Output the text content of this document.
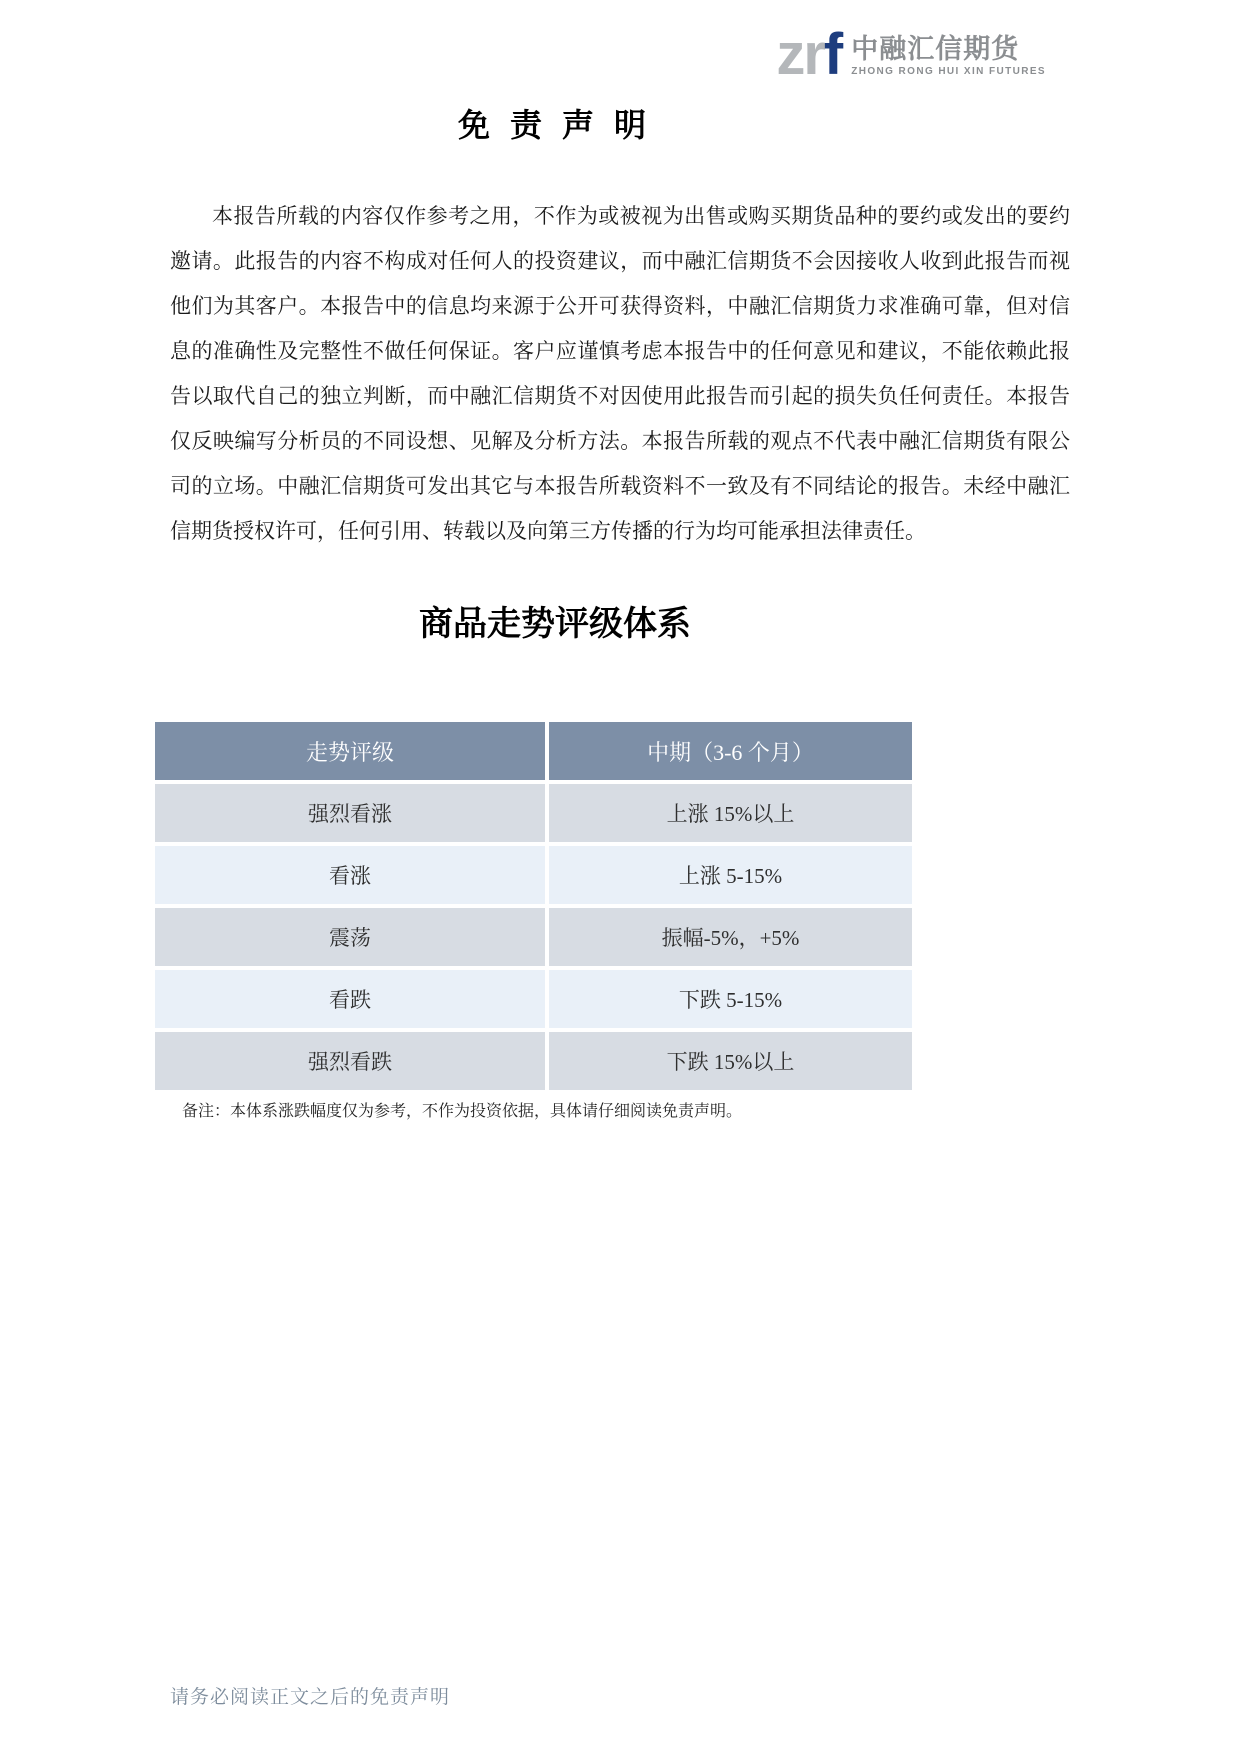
zrf 中融汇信期货
ZHONG RONG HUI XIN FUTURES
免 责 声 明

本报告所载的内容仅作参考之用，不作为或被视为出售或购买期货品种的要约或发出的要约邀请。此报告的内容不构成对任何人的投资建议，而中融汇信期货不会因接收人收到此报告而视他们为其客户。本报告中的信息均来源于公开可获得资料，中融汇信期货力求准确可靠，但对信息的准确性及完整性不做任何保证。客户应谨慎考虑本报告中的任何意见和建议，不能依赖此报告以取代自己的独立判断，而中融汇信期货不对因使用此报告而引起的损失负任何责任。本报告仅反映编写分析员的不同设想、见解及分析方法。本报告所载的观点不代表中融汇信期货有限公司的立场。中融汇信期货可发出其它与本报告所载资料不一致及有不同结论的报告。未经中融汇信期货授权许可，任何引用、转载以及向第三方传播的行为均可能承担法律责任。

商品走势评级体系
走势评级	中期（3-6 个月）
强烈看涨	上涨 15%以上
看涨	上涨 5-15%
震荡	振幅-5%，+5%
看跌	下跌 5-15%
强烈看跌	下跌 15%以上

备注：本体系涨跌幅度仅为参考，不作为投资依据，具体请仔细阅读免责声明。

请务必阅读正文之后的免责声明
